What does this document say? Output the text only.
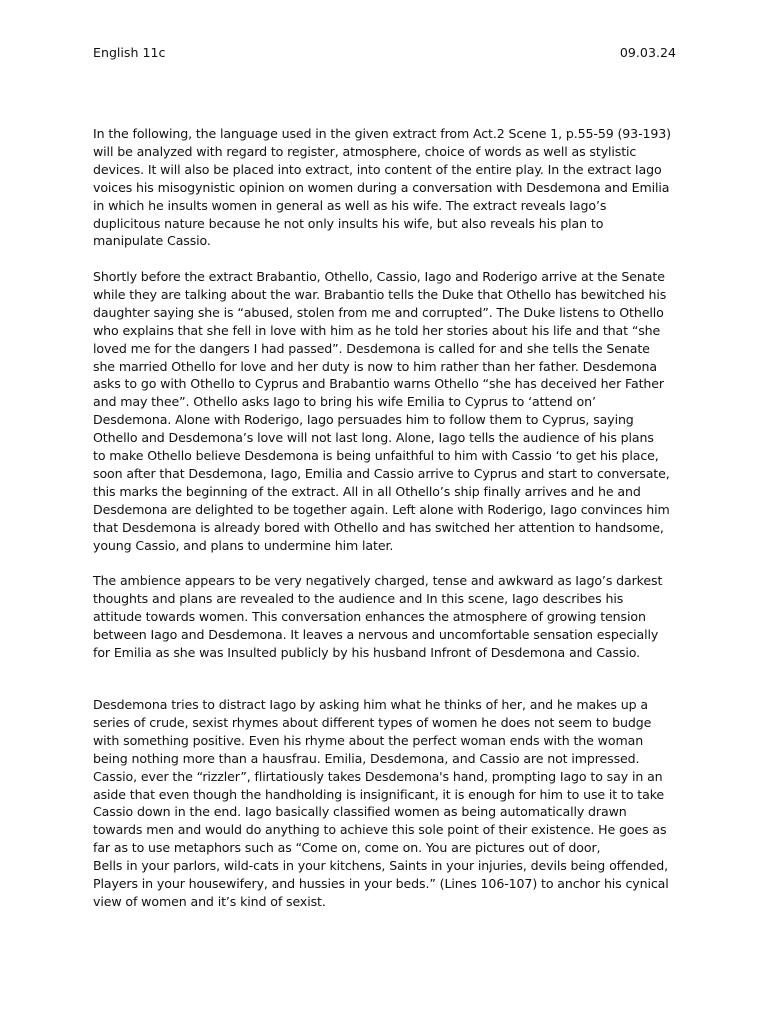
English 11c	09.03.24
In the following, the language used in the given extract from Act.2 Scene 1, p.55-59 (93-193)
will be analyzed with regard to register, atmosphere, choice of words as well as stylistic
devices. It will also be placed into extract, into content of the entire play. In the extract Iago
voices his misogynistic opinion on women during a conversation with Desdemona and Emilia
in which he insults women in general as well as his wife. The extract reveals Iago’s
duplicitous nature because he not only insults his wife, but also reveals his plan to
manipulate Cassio.
Shortly before the extract Brabantio, Othello, Cassio, Iago and Roderigo arrive at the Senate
while they are talking about the war. Brabantio tells the Duke that Othello has bewitched his
daughter saying she is “abused, stolen from me and corrupted”. The Duke listens to Othello
who explains that she fell in love with him as he told her stories about his life and that “she
loved me for the dangers I had passed”. Desdemona is called for and she tells the Senate
she married Othello for love and her duty is now to him rather than her father. Desdemona
asks to go with Othello to Cyprus and Brabantio warns Othello “she has deceived her Father
and may thee”. Othello asks Iago to bring his wife Emilia to Cyprus to ‘attend on’
Desdemona. Alone with Roderigo, Iago persuades him to follow them to Cyprus, saying
Othello and Desdemona’s love will not last long. Alone, Iago tells the audience of his plans
to make Othello believe Desdemona is being unfaithful to him with Cassio ‘to get his place,
soon after that Desdemona, Iago, Emilia and Cassio arrive to Cyprus and start to conversate,
this marks the beginning of the extract. All in all Othello’s ship finally arrives and he and
Desdemona are delighted to be together again. Left alone with Roderigo, Iago convinces him
that Desdemona is already bored with Othello and has switched her attention to handsome,
young Cassio, and plans to undermine him later.
The ambience appears to be very negatively charged, tense and awkward as Iago’s darkest
thoughts and plans are revealed to the audience and In this scene, Iago describes his
attitude towards women. This conversation enhances the atmosphere of growing tension
between Iago and Desdemona. It leaves a nervous and uncomfortable sensation especially
for Emilia as she was Insulted publicly by his husband Infront of Desdemona and Cassio.
Desdemona tries to distract Iago by asking him what he thinks of her, and he makes up a
series of crude, sexist rhymes about different types of women he does not seem to budge
with something positive. Even his rhyme about the perfect woman ends with the woman
being nothing more than a hausfrau. Emilia, Desdemona, and Cassio are not impressed.
Cassio, ever the “rizzler”, flirtatiously takes Desdemona's hand, prompting Iago to say in an
aside that even though the handholding is insignificant, it is enough for him to use it to take
Cassio down in the end. Iago basically classified women as being automatically drawn
towards men and would do anything to achieve this sole point of their existence. He goes as
far as to use metaphors such as “Come on, come on. You are pictures out of door,
Bells in your parlors, wild-cats in your kitchens, Saints in your injuries, devils being offended,
Players in your housewifery, and hussies in your beds.” (Lines 106-107) to anchor his cynical
view of women and it’s kind of sexist.
